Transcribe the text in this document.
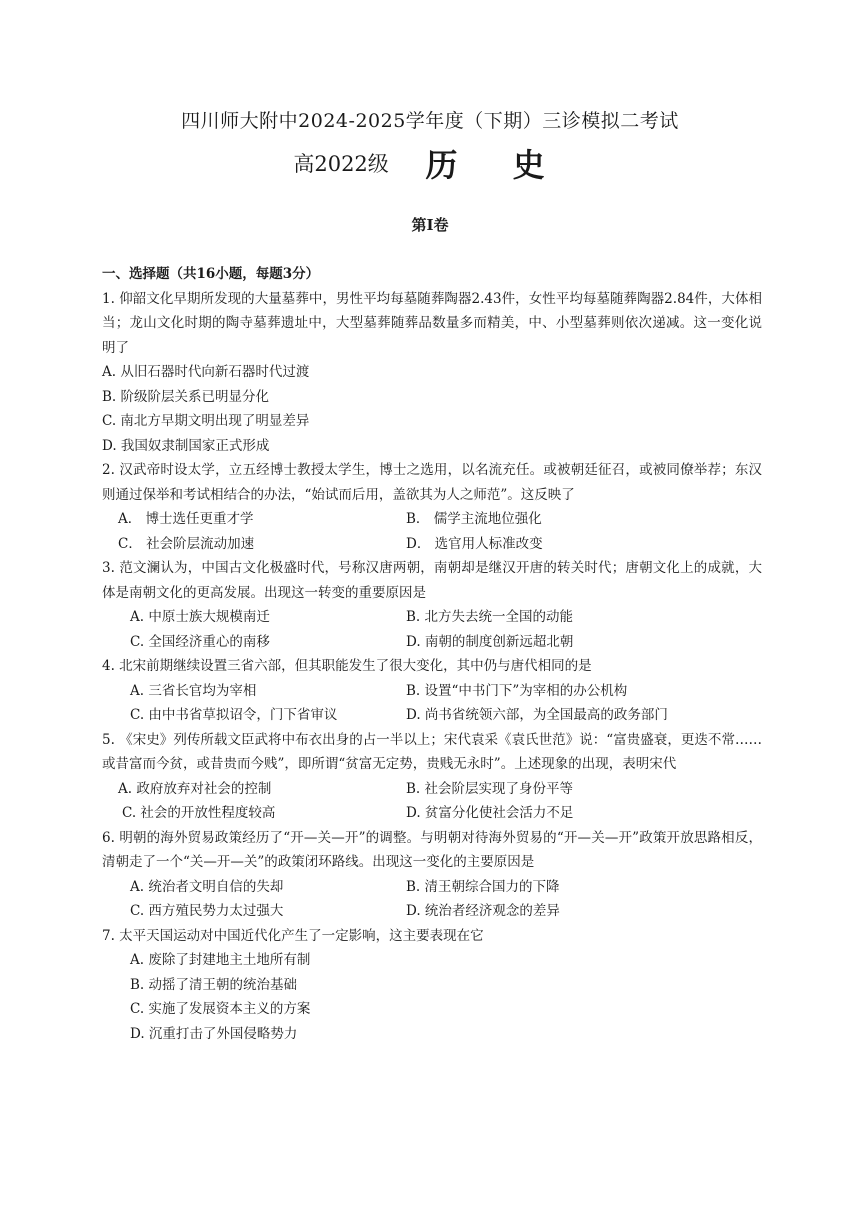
四川师大附中2024-2025学年度（下期）三诊模拟二考试
高2022级 历 史
第Ⅰ卷
一、选择题（共16小题，每题3分）
1. 仰韶文化早期所发现的大量墓葬中，男性平均每墓随葬陶器2.43件，女性平均每墓随葬陶器2.84件，大体相当；龙山文化时期的陶寺墓葬遗址中，大型墓葬随葬品数量多而精美，中、小型墓葬则依次递减。这一变化说明了
A. 从旧石器时代向新石器时代过渡
B. 阶级阶层关系已明显分化
C. 南北方早期文明出现了明显差异
D. 我国奴隶制国家正式形成
2. 汉武帝时设太学，立五经博士教授太学生，博士之选用，以名流充任。或被朝廷征召，或被同僚举荐；东汉则通过保举和考试相结合的办法，“始试而后用，盖欲其为人之师范”。这反映了
A． 博士选任更重才学	B． 儒学主流地位强化
C． 社会阶层流动加速	D． 选官用人标准改变
3. 范文澜认为，中国古文化极盛时代，号称汉唐两朝，南朝却是继汉开唐的转关时代；唐朝文化上的成就，大体是南朝文化的更高发展。出现这一转变的重要原因是
A. 中原士族大规模南迁	B. 北方失去统一全国的动能
C. 全国经济重心的南移	D. 南朝的制度创新远超北朝
4. 北宋前期继续设置三省六部，但其职能发生了很大变化，其中仍与唐代相同的是
A. 三省长官均为宰相	B. 设置“中书门下”为宰相的办公机构
C. 由中书省草拟诏令，门下省审议	D. 尚书省统领六部，为全国最高的政务部门
5. 《宋史》列传所载文臣武将中布衣出身的占一半以上；宋代袁采《袁氏世范》说：“富贵盛衰，更迭不常……或昔富而今贫，或昔贵而今贱”，即所谓“贫富无定势，贵贱无永时”。上述现象的出现，表明宋代
A. 政府放弃对社会的控制	B. 社会阶层实现了身份平等
C. 社会的开放性程度较高	D. 贫富分化使社会活力不足
6. 明朝的海外贸易政策经历了“开—关—开”的调整。与明朝对待海外贸易的“开—关—开”政策开放思路相反，清朝走了一个“关—开—关”的政策闭环路线。出现这一变化的主要原因是
A. 统治者文明自信的失却	B. 清王朝综合国力的下降
C. 西方殖民势力太过强大	D. 统治者经济观念的差异
7. 太平天国运动对中国近代化产生了一定影响，这主要表现在它
A. 废除了封建地主土地所有制
B. 动摇了清王朝的统治基础
C. 实施了发展资本主义的方案
D. 沉重打击了外国侵略势力
